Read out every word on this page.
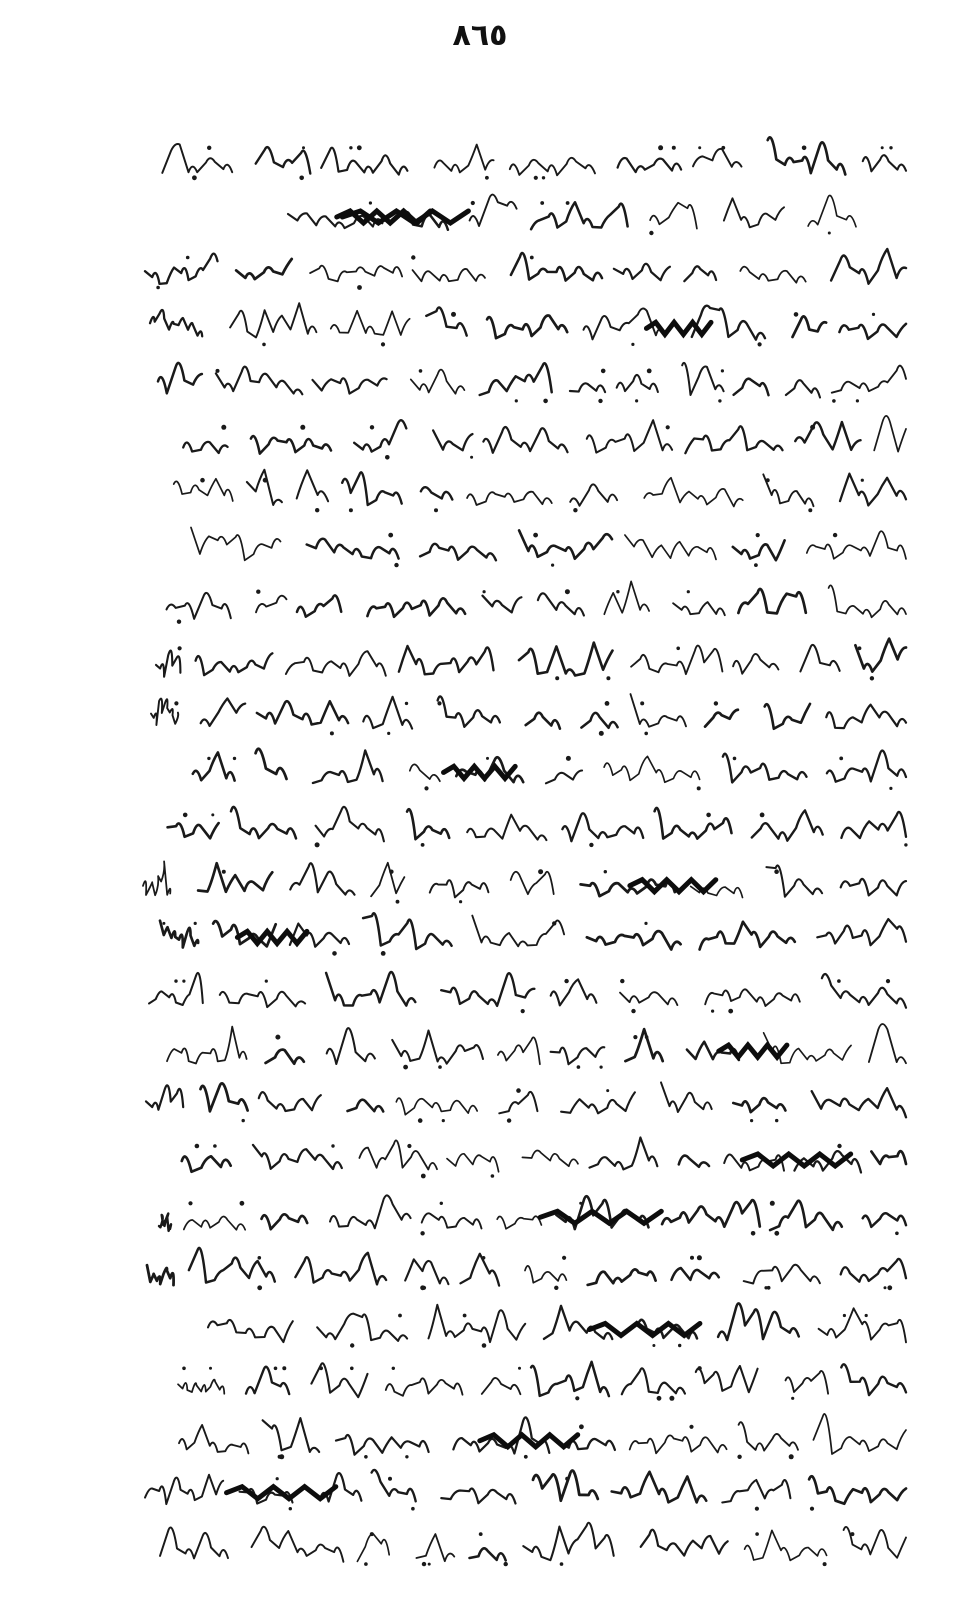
٨٦٥
